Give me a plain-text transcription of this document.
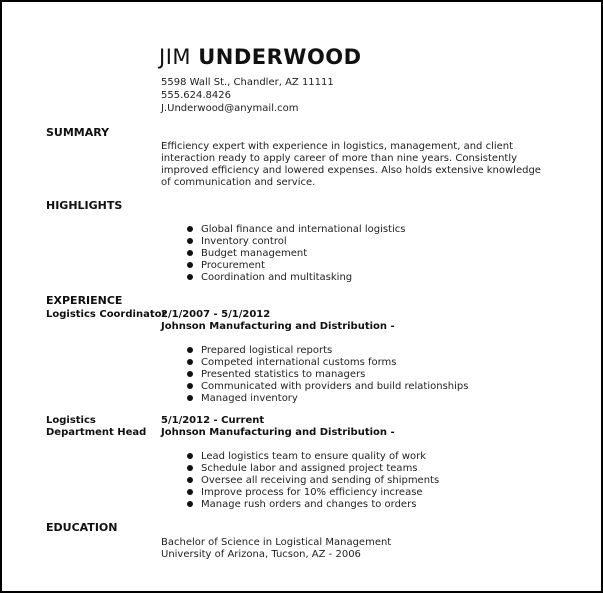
JIM UNDERWOOD
5598 Wall St., Chandler, AZ 11111
555.624.8426
J.Underwood@anymail.com
SUMMARY
Efficiency expert with experience in logistics, management, and client interaction ready to apply career of more than nine years. Consistently improved efficiency and lowered expenses. Also holds extensive knowledge of communication and service.
HIGHLIGHTS
Global finance and international logistics
Inventory control
Budget management
Procurement
Coordination and multitasking
EXPERIENCE
Logistics Coordinator
2/1/2007 - 5/1/2012
Johnson Manufacturing and Distribution -
Prepared logistical reports
Competed international customs forms
Presented statistics to managers
Communicated with providers and build relationships
Managed inventory
Logistics Department Head
5/1/2012 - Current
Johnson Manufacturing and Distribution -
Lead logistics team to ensure quality of work
Schedule labor and assigned project teams
Oversee all receiving and sending of shipments
Improve process for 10% efficiency increase
Manage rush orders and changes to orders
EDUCATION
Bachelor of Science in Logistical Management
University of Arizona, Tucson, AZ - 2006
